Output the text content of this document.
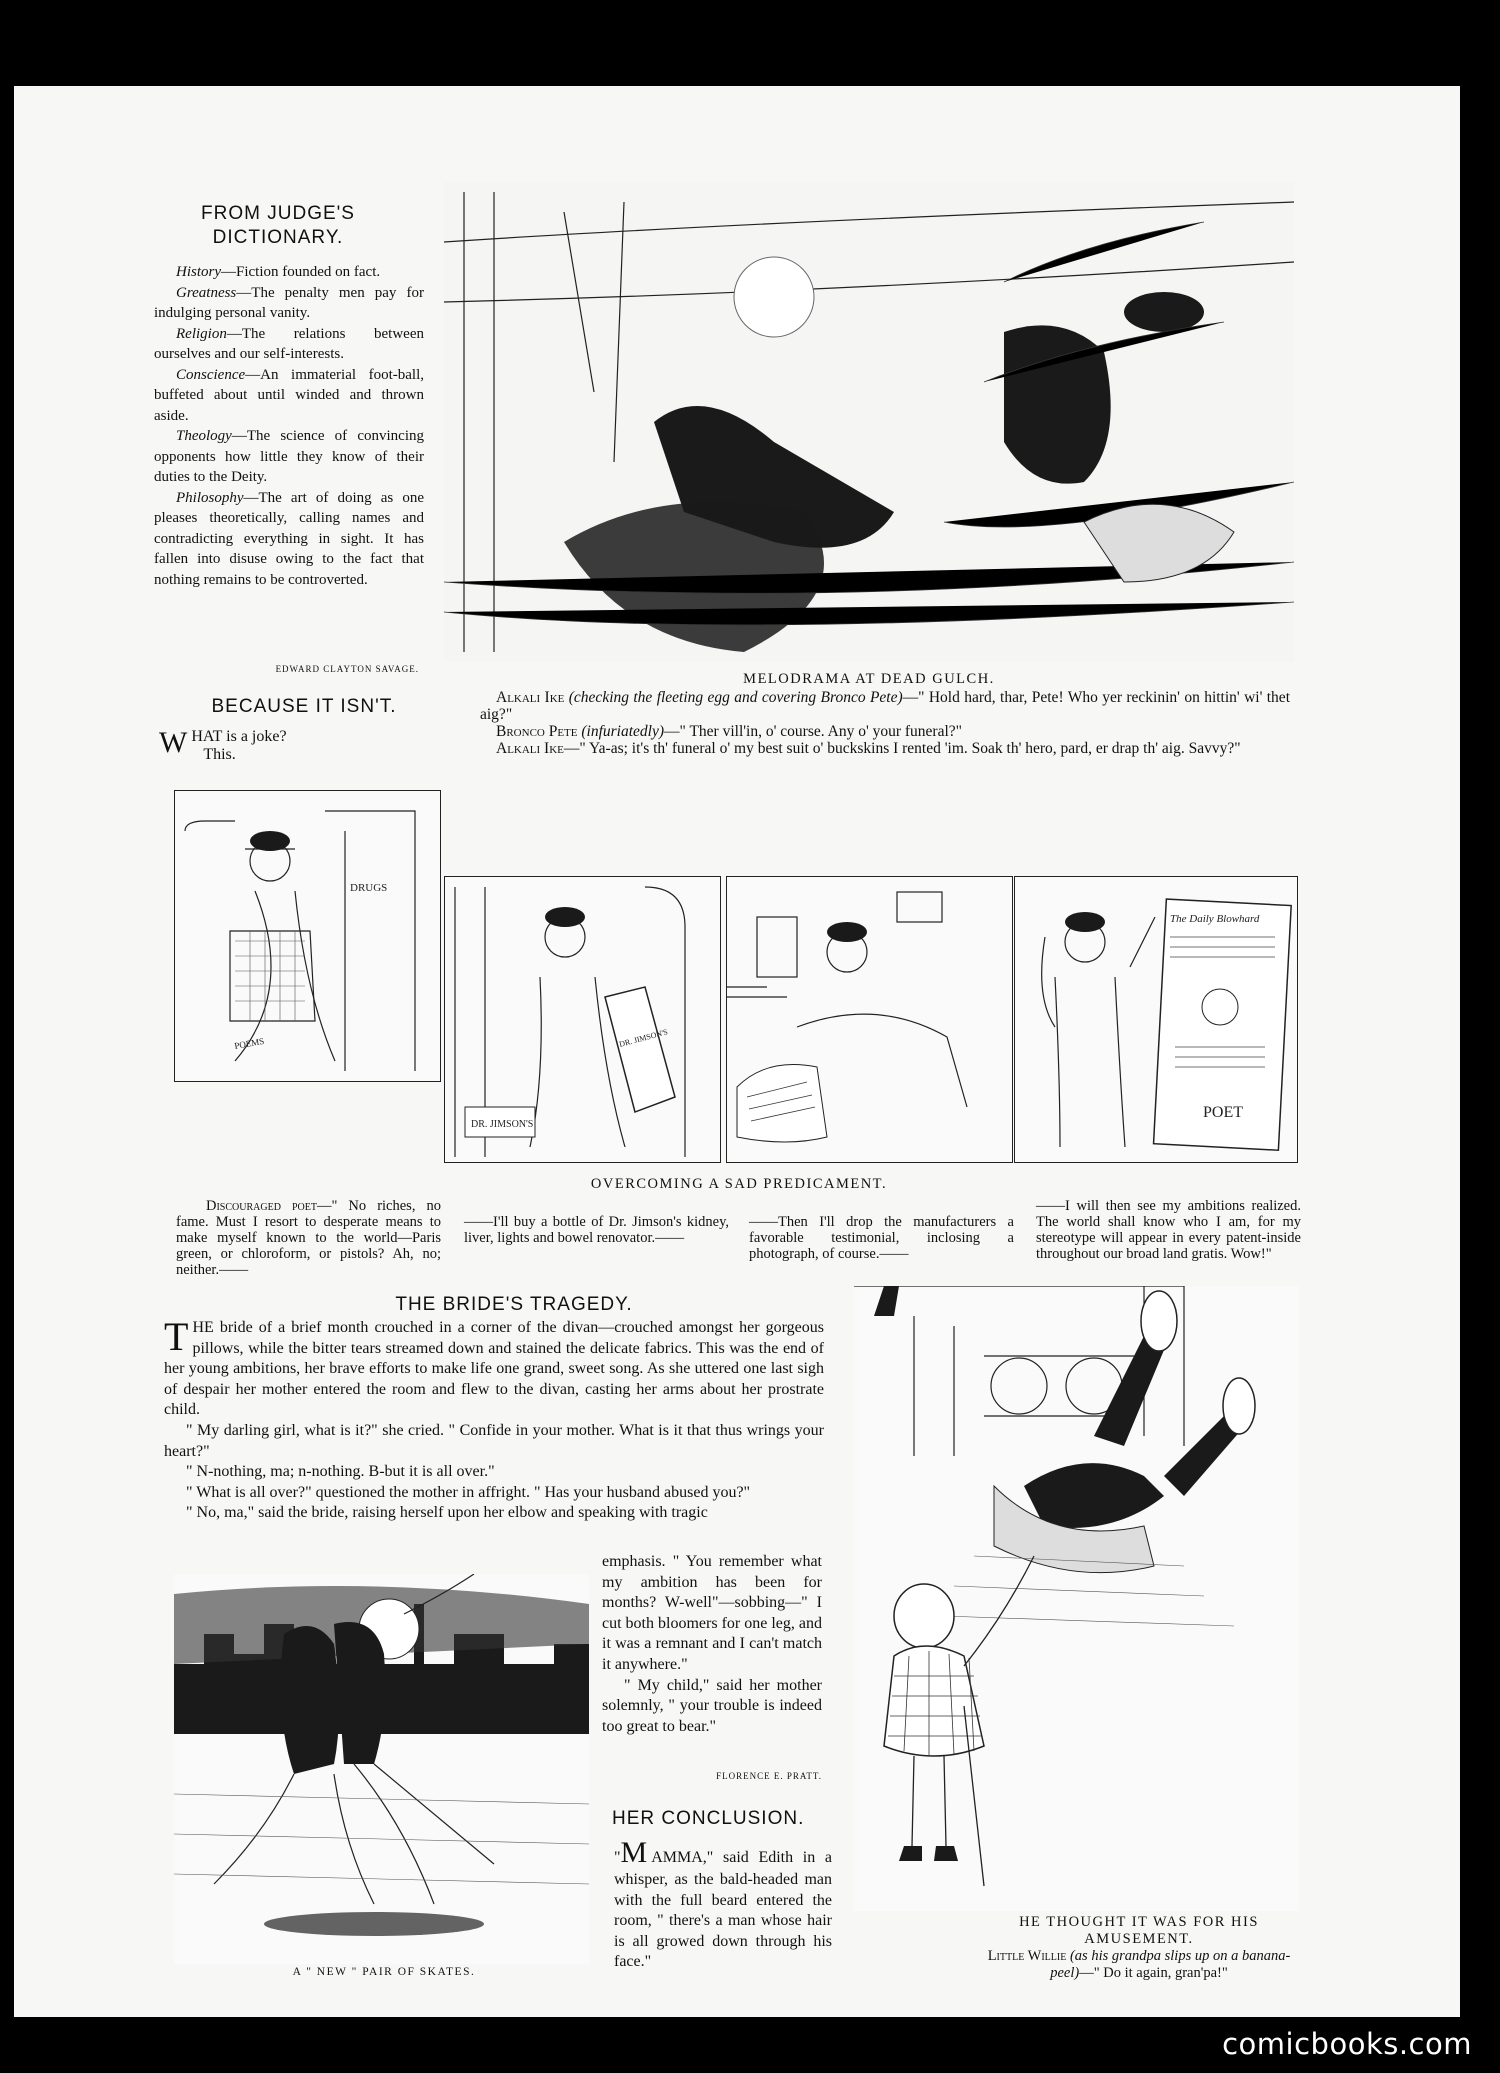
FROM JUDGE'S DICTIONARY.

History—Fiction founded on fact.

Greatness—The penalty men pay for indulging personal vanity.

Religion—The relations between ourselves and our self-interests.

Conscience—An immaterial foot-ball, buffeted about until winded and thrown aside.

Theology—The science of convincing opponents how little they know of their duties to the Deity.

Philosophy—The art of doing as one pleases theoretically, calling names and contradicting everything in sight. It has fallen into disuse owing to the fact that nothing remains to be controverted.

EDWARD CLAYTON SAVAGE.
BECAUSE IT ISN'T.
W HAT is a joke?
This.
MELODRAMA AT DEAD GULCH.

Alkali Ike (checking the fleeting egg and covering Bronco Pete)—" Hold hard, thar, Pete! Who yer reckinin' on hittin' wi' thet aig?"

Bronco Pete (infuriatedly)—" Ther vill'in, o' course. Any o' your funeral?"

Alkali Ike—" Ya-as; it's th' funeral o' my best suit o' buckskins I rented 'im. Soak th' hero, pard, er drap th' aig. Savvy?"

DRUGS
POEMS	DR. JIMSON'S
DR. JIMSON'S
The Daily Blowhard
POET
OVERCOMING A SAD PREDICAMENT.
Discouraged poet—" No riches, no fame. Must I resort to desperate means to make myself known to the world—Paris green, or chloroform, or pistols? Ah, no; neither.——
——I'll buy a bottle of Dr. Jimson's kidney, liver, lights and bowel renovator.——
——Then I'll drop the manufacturers a favorable testimonial, inclosing a photograph, of course.——
——I will then see my ambitions realized. The world shall know who I am, for my stereotype will appear in every patent-inside throughout our broad land gratis. Wow!"
THE BRIDE'S TRAGEDY.

THE bride of a brief month crouched in a corner of the divan—crouched amongst her gorgeous pillows, while the bitter tears streamed down and stained the delicate fabrics. This was the end of her young ambitions, her brave efforts to make life one grand, sweet song. As she uttered one last sigh of despair her mother entered the room and flew to the divan, casting her arms about her prostrate child.

" My darling girl, what is it?" she cried. " Confide in your mother. What is it that thus wrings your heart?"

" N-nothing, ma; n-nothing. B-but it is all over."

" What is all over?" questioned the mother in affright. " Has your husband abused you?"

" No, ma," said the bride, raising herself upon her elbow and speaking with tragic

emphasis. " You remember what my ambition has been for months? W-well"—sobbing—" I cut both bloomers for one leg, and it was a remnant and I can't match it anywhere."

" My child," said her mother solemnly, " your trouble is indeed too great to bear."

FLORENCE E. PRATT.
A " NEW " PAIR OF SKATES.
HER CONCLUSION.

"M AMMA," said Edith in a whisper, as the bald-headed man with the full beard entered the room, " there's a man whose hair is all growed down through his face."

HE THOUGHT IT WAS FOR HIS AMUSEMENT.
Little Willie (as his grandpa slips up on a banana-peel)—" Do it again, gran'pa!"
comicbooks.com
